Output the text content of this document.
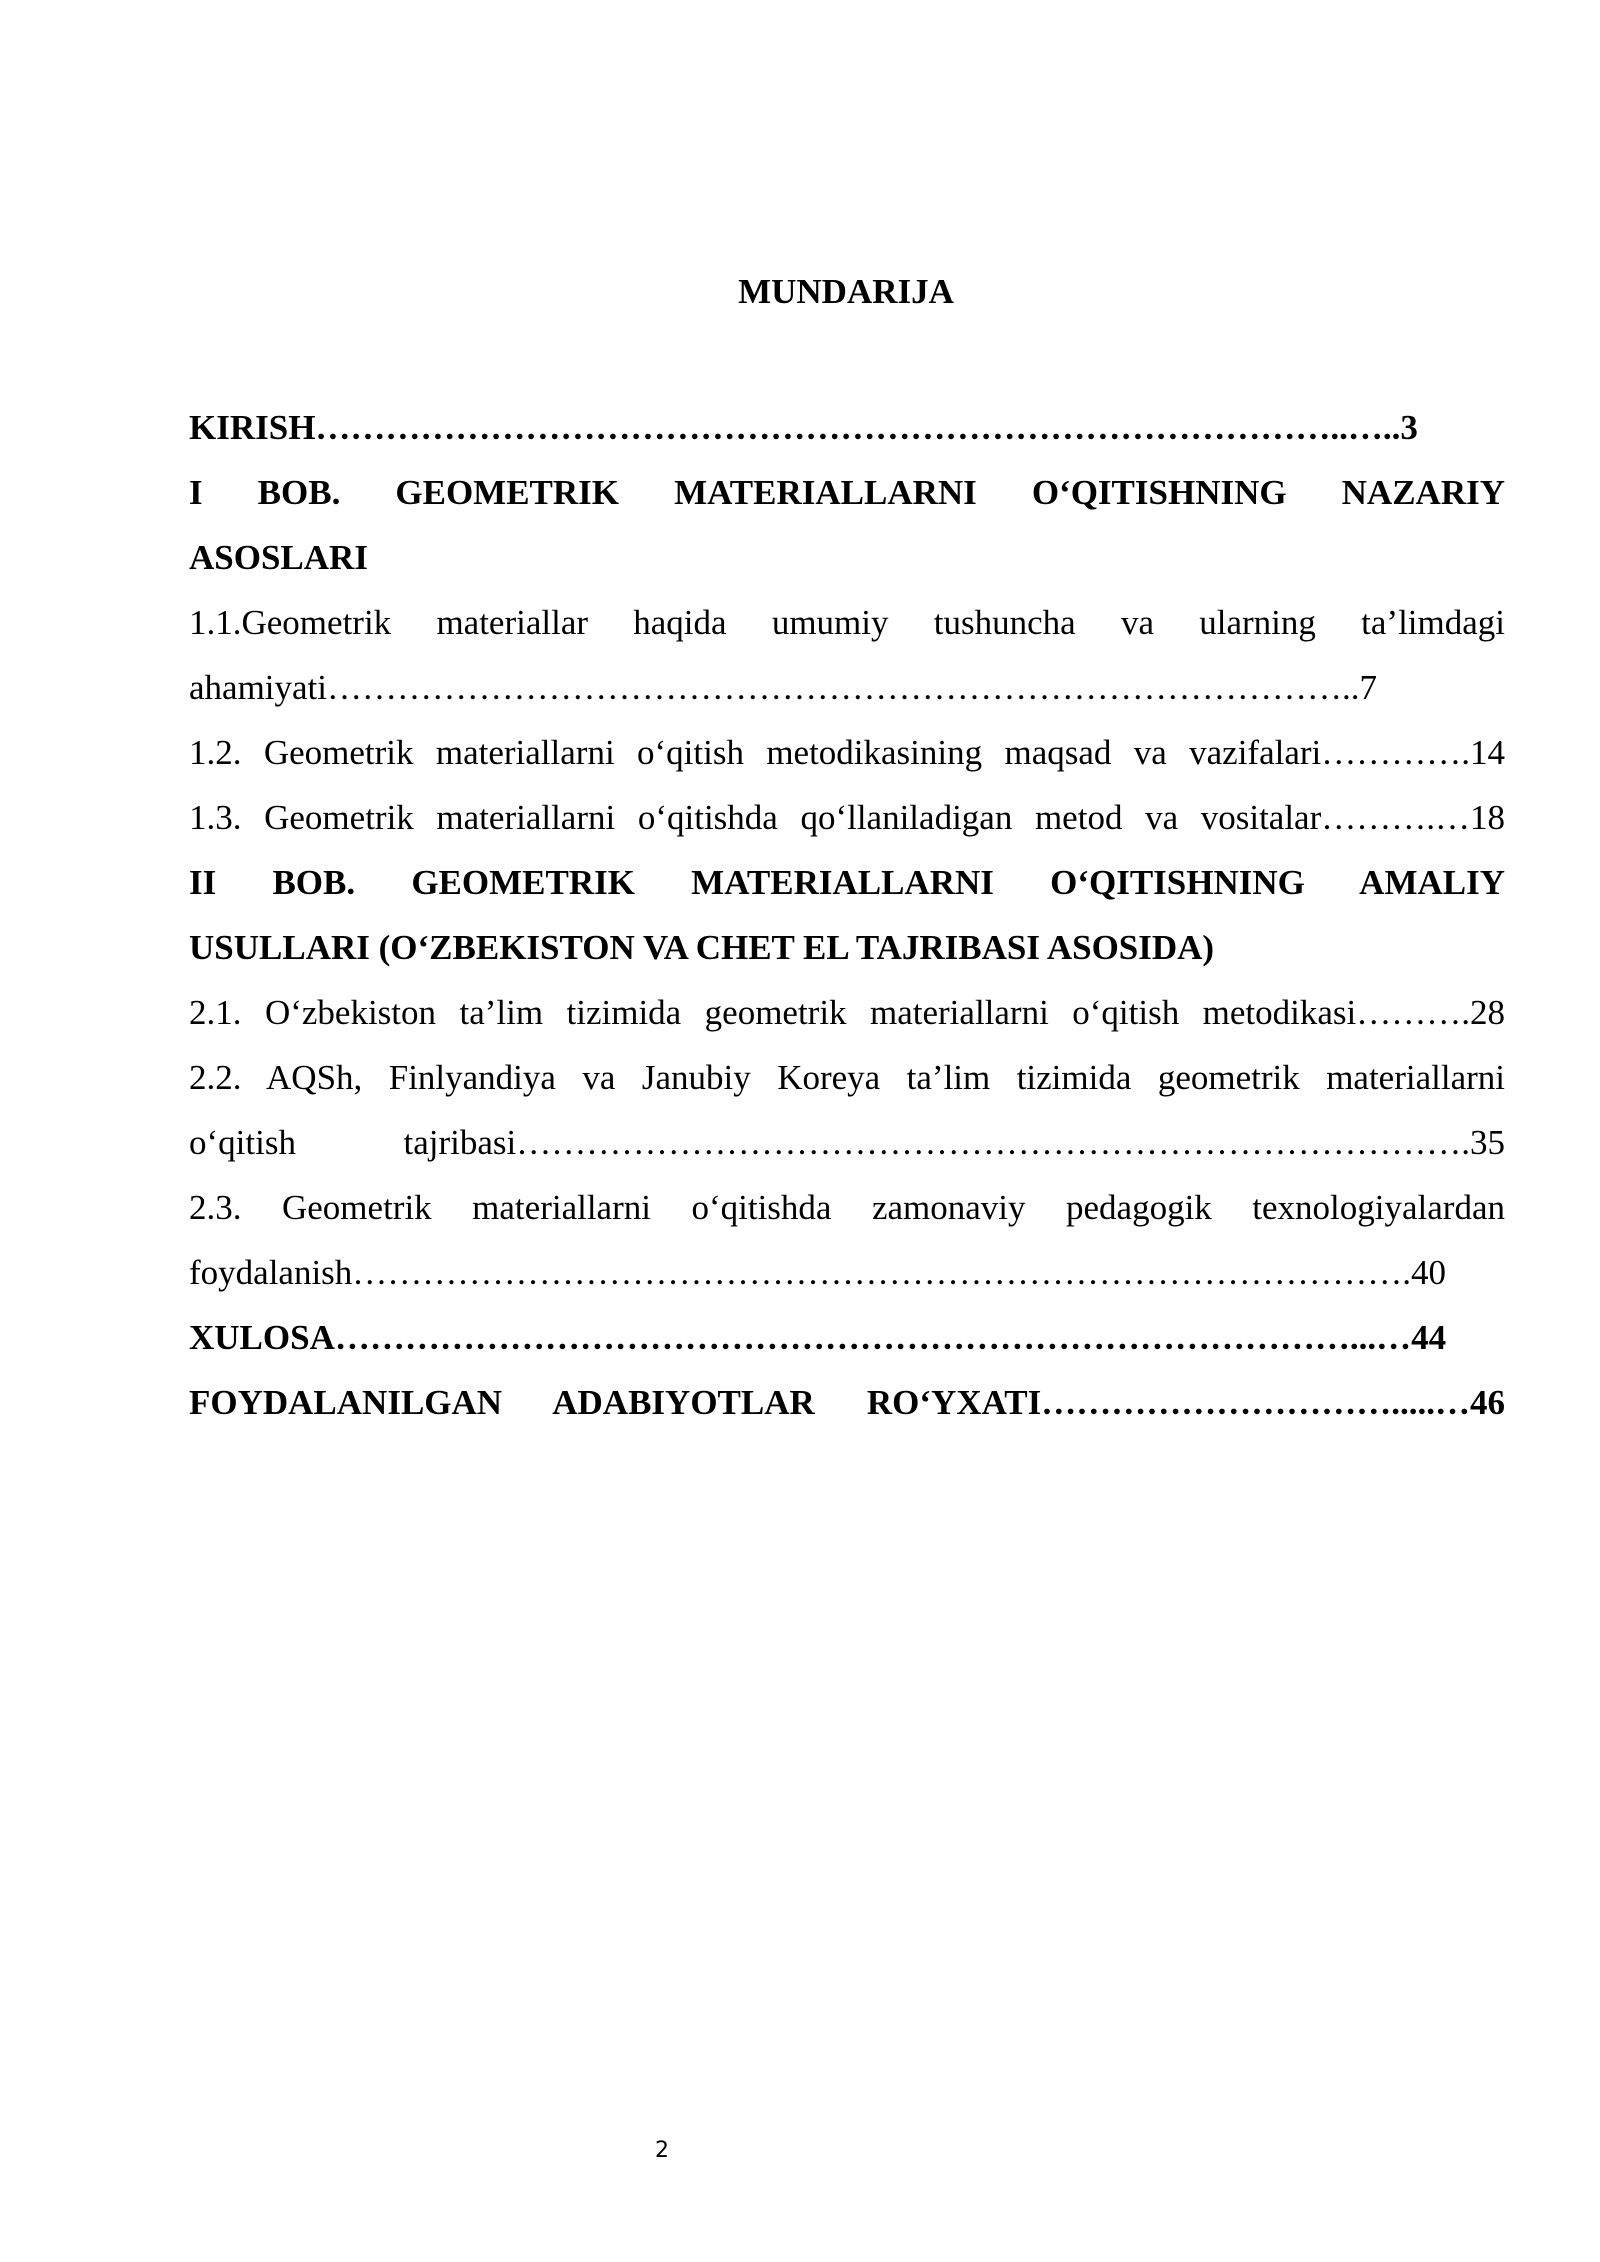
MUNDARIJA

KIRISH……………………………………………………………………………..…..3

I BOB. GEOMETRIK MATERIALLARNI O‘QITISHNING NAZARIY

ASOSLARI

1.1.Geometrik materiallar haqida umumiy tushuncha va ularning ta’limdagi

ahamiyati……………………………………………………………………………..7

1.2. Geometrik materiallarni o‘qitish metodikasining maqsad va vazifalari………….14

1.3. Geometrik materiallarni o‘qitishda qo‘llaniladigan metod va vositalar……….…18

II BOB. GEOMETRIK MATERIALLARNI O‘QITISHNING AMALIY

USULLARI (O‘ZBEKISTON VA CHET EL TAJRIBASI ASOSIDA)

2.1. O‘zbekiston ta’lim tizimida geometrik materiallarni o‘qitish metodikasi……….28

2.2. AQSh, Finlyandiya va Janubiy Koreya ta’lim tizimida geometrik materiallarni

o‘qitish tajribasi……………………………………………………………………….35

2.3. Geometrik materiallarni o‘qitishda zamonaviy pedagogik texnologiyalardan

foydalanish……………………………………………………………………………….40

XULOSA……………………………………………………………………………...…44

FOYDALANILGAN ADABIYOTLAR RO‘YXATI………………………….....…46

2
